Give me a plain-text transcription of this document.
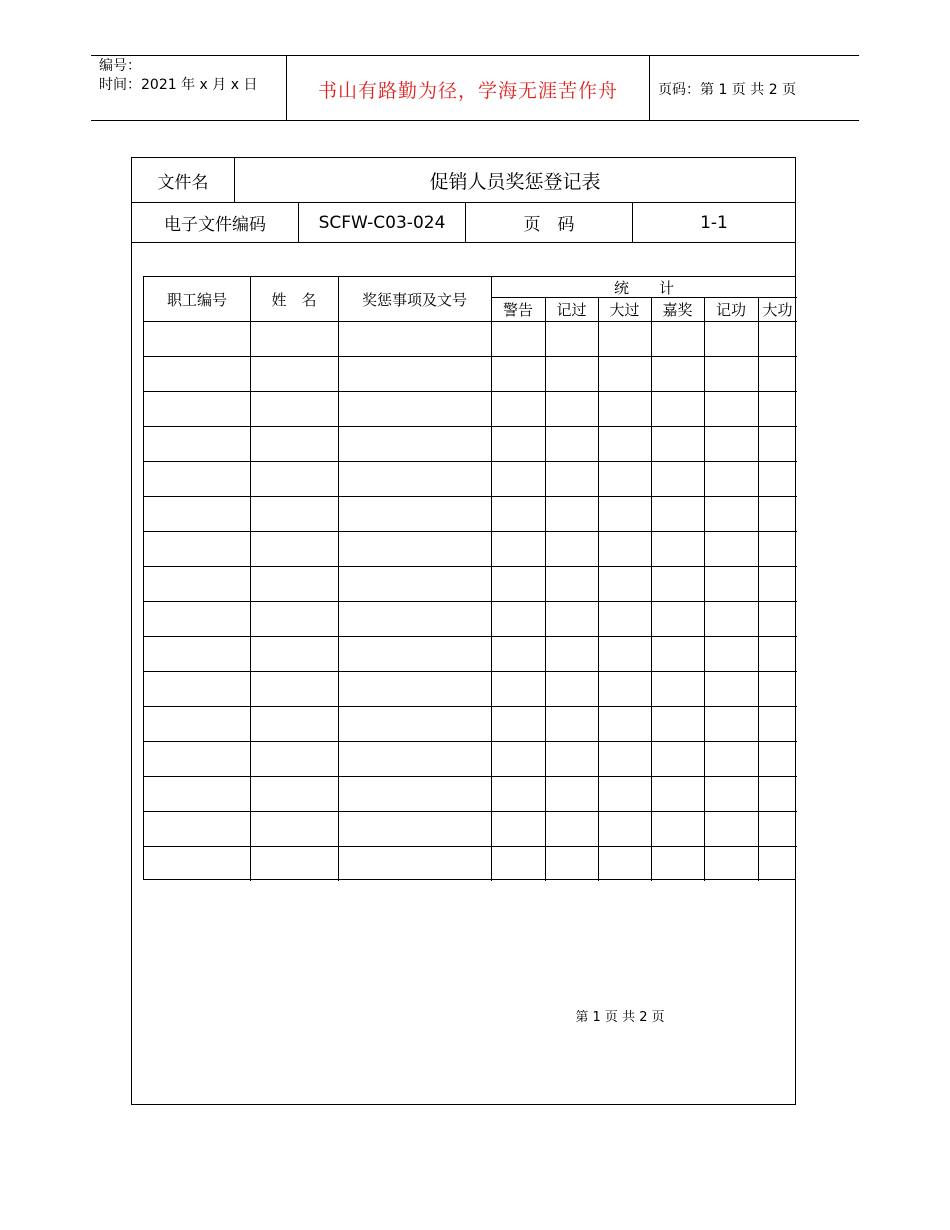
编号：
时间：2021 年 x 月 x 日	书山有路勤为径，学海无涯苦作舟	页码：第 1 页 共 2 页
文件名	促销人员奖惩登记表
电子文件编码	SCFW-C03-024	页　码	1-1
职工编号	姓　名	奖惩事项及文号
统　　计
警告	记过	大过	嘉奖	记功	大功
第 1 页 共 2 页
